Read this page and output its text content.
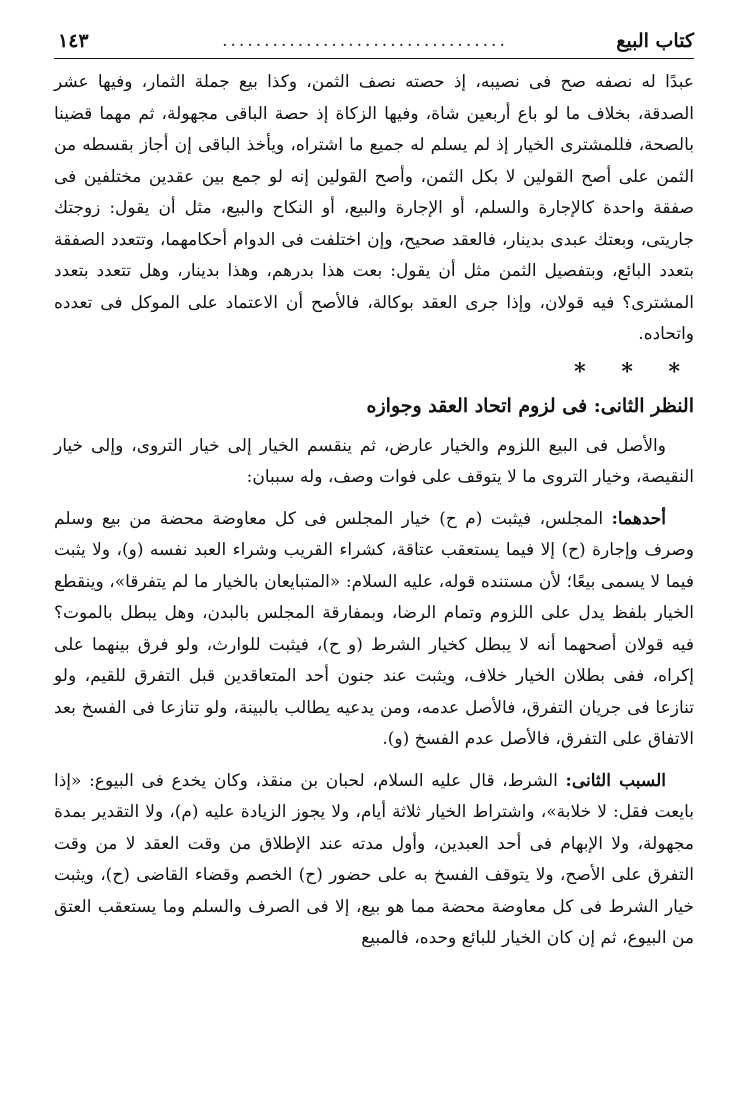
كتاب البيع
..................................
١٤٣

عبدًا له نصفه صح فى نصيبه، إذ حصته نصف الثمن، وكذا بيع جملة الثمار، وفيها عشر الصدقة، بخلاف ما لو باع أربعين شاة، وفيها الزكاة إذ حصة الباقى مجهولة، ثم مهما قضينا بالصحة، فللمشترى الخيار إذ لم يسلم له جميع ما اشتراه، ويأخذ الباقى إن أجاز بقسطه من الثمن على أصح القولين لا بكل الثمن، وأصح القولين إنه لو جمع بين عقدين مختلفين فى صفقة واحدة كالإجارة والسلم، أو الإجارة والبيع، أو النكاح والبيع، مثل أن يقول: زوجتك جاريتى، وبعتك عبدى بدينار، فالعقد صحيح، وإن اختلفت فى الدوام أحكامهما، وتتعدد الصفقة بتعدد البائع، وبتفصيل الثمن مثل أن يقول: بعت هذا بدرهم، وهذا بدينار، وهل تتعدد بتعدد المشترى؟ فيه قولان، وإذا جرى العقد بوكالة، فالأصح أن الاعتماد على الموكل فى تعدده واتحاده.

* * *
النظر الثانى: فى لزوم اتحاد العقد وجوازه

والأصل فى البيع اللزوم والخيار عارض، ثم ينقسم الخيار إلى خيار التروى، وإلى خيار النقيصة، وخيار التروى ما لا يتوقف على فوات وصف، وله سببان:

أحدهما: المجلس، فيثبت (م ح) خيار المجلس فى كل معاوضة محضة من بيع وسلم وصرف وإجارة (ح) إلا فيما يستعقب عتاقة، كشراء القريب وشراء العبد نفسه (و)، ولا يثبت فيما لا يسمى بيعًا؛ لأن مستنده قوله، عليه السلام: «المتبايعان بالخيار ما لم يتفرقا»، وينقطع الخيار بلفظ يدل على اللزوم وتمام الرضا، وبمفارقة المجلس بالبدن، وهل يبطل بالموت؟ فيه قولان أصحهما أنه لا يبطل كخيار الشرط (و ح)، فيثبت للوارث، ولو فرق بينهما على إكراه، ففى بطلان الخيار خلاف، ويثبت عند جنون أحد المتعاقدين قبل التفرق للقيم، ولو تنازعا فى جريان التفرق، فالأصل عدمه، ومن يدعيه يطالب بالبينة، ولو تنازعا فى الفسخ بعد الاتفاق على التفرق، فالأصل عدم الفسخ (و).

السبب الثانى: الشرط، قال عليه السلام، لحبان بن منقذ، وكان يخدع فى البيوع: «إذا بايعت فقل: لا خلابة»، واشتراط الخيار ثلاثة أيام، ولا يجوز الزيادة عليه (م)، ولا التقدير بمدة مجهولة، ولا الإبهام فى أحد العبدين، وأول مدته عند الإطلاق من وقت العقد لا من وقت التفرق على الأصح، ولا يتوقف الفسخ به على حضور (ح) الخصم وقضاء القاضى (ح)، ويثبت خيار الشرط فى كل معاوضة محضة مما هو بيع، إلا فى الصرف والسلم وما يستعقب العتق من البيوع، ثم إن كان الخيار للبائع وحده، فالمبيع
